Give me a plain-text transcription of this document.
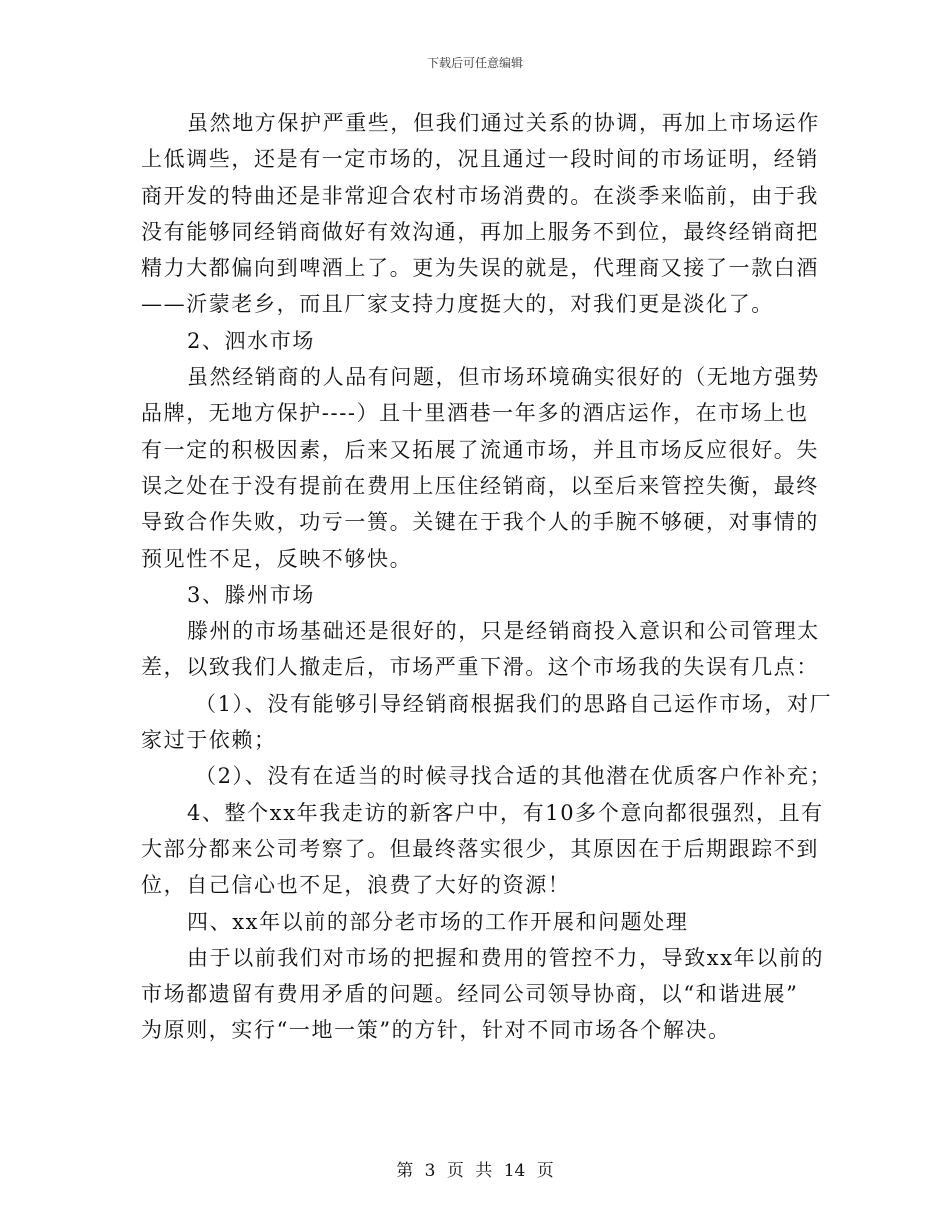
下载后可任意编辑
虽然地方保护严重些，但我们通过关系的协调，再加上市场运作
上低调些，还是有一定市场的，况且通过一段时间的市场证明，经销
商开发的特曲还是非常迎合农村市场消费的。在淡季来临前，由于我
没有能够同经销商做好有效沟通，再加上服务不到位，最终经销商把
精力大都偏向到啤酒上了。更为失误的就是，代理商又接了一款白酒
——沂蒙老乡，而且厂家支持力度挺大的，对我们更是淡化了。
2、泗水市场
虽然经销商的人品有问题，但市场环境确实很好的（无地方强势
品牌，无地方保护----）且十里酒巷一年多的酒店运作，在市场上也
有一定的积极因素，后来又拓展了流通市场，并且市场反应很好。失
误之处在于没有提前在费用上压住经销商，以至后来管控失衡，最终
导致合作失败，功亏一篑。关键在于我个人的手腕不够硬，对事情的
预见性不足，反映不够快。
3、滕州市场
滕州的市场基础还是很好的，只是经销商投入意识和公司管理太
差，以致我们人撤走后，市场严重下滑。这个市场我的失误有几点：
（1）、没有能够引导经销商根据我们的思路自己运作市场，对厂
家过于依赖；
（2）、没有在适当的时候寻找合适的其他潜在优质客户作补充；
4、整个xx年我走访的新客户中，有10多个意向都很强烈，且有
大部分都来公司考察了。但最终落实很少，其原因在于后期跟踪不到
位，自己信心也不足，浪费了大好的资源！
四、xx年以前的部分老市场的工作开展和问题处理
由于以前我们对市场的把握和费用的管控不力，导致xx年以前的
市场都遗留有费用矛盾的问题。经同公司领导协商，以“和谐进展”
为原则，实行“一地一策”的方针，针对不同市场各个解决。
第 3 页 共 14 页
